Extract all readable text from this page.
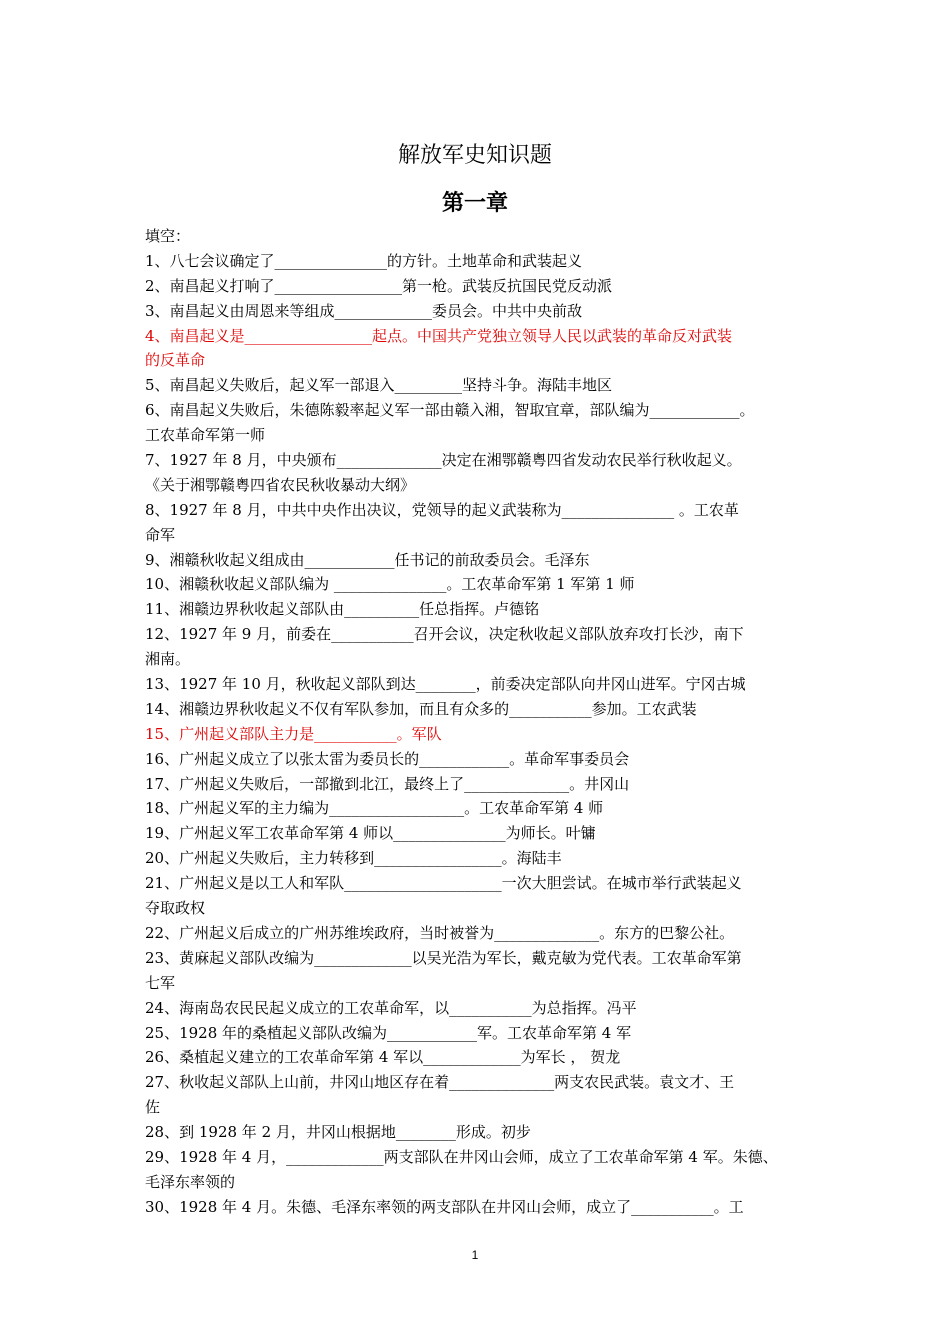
解放军史知识题
第一章
填空：
1、八七会议确定了_______________的方针。土地革命和武装起义
2、南昌起义打响了_________________第一枪。武装反抗国民党反动派
3、南昌起义由周恩来等组成_____________委员会。中共中央前敌
4、南昌起义是_________________起点。中国共产党独立领导人民以武装的革命反对武装
的反革命
5、南昌起义失败后，起义军一部退入_________坚持斗争。海陆丰地区
6、南昌起义失败后，朱德陈毅率起义军一部由赣入湘，智取宜章，部队编为____________。
工农革命军第一师
7、1927 年 8 月，中央颁布______________决定在湘鄂赣粤四省发动农民举行秋收起义。
《关于湘鄂赣粤四省农民秋收暴动大纲》
8、1927 年 8 月，中共中央作出决议，党领导的起义武装称为_______________ 。工农革
命军
9、湘赣秋收起义组成由____________任书记的前敌委员会。毛泽东
10、湘赣秋收起义部队编为 _______________。工农革命军第 1 军第 1 师
11、湘赣边界秋收起义部队由__________任总指挥。卢德铭
12、1927 年 9 月，前委在___________召开会议，决定秋收起义部队放弃攻打长沙，南下
湘南。
13、1927 年 10 月，秋收起义部队到达________，前委决定部队向井冈山进军。宁冈古城
14、湘赣边界秋收起义不仅有军队参加，而且有众多的___________参加。工农武装
15、广州起义部队主力是___________。军队
16、广州起义成立了以张太雷为委员长的____________。革命军事委员会
17、广州起义失败后，一部撤到北江，最终上了______________。井冈山
18、广州起义军的主力编为__________________。工农革命军第 4 师
19、广州起义军工农革命军第 4 师以_______________为师长。叶镛
20、广州起义失败后，主力转移到_________________。海陆丰
21、广州起义是以工人和军队_____________________一次大胆尝试。在城市举行武装起义
夺取政权
22、广州起义后成立的广州苏维埃政府，当时被誉为______________。东方的巴黎公社。
23、黄麻起义部队改编为_____________以吴光浩为军长，戴克敏为党代表。工农革命军第
七军
24、海南岛农民民起义成立的工农革命军，以___________为总指挥。冯平
25、1928 年的桑植起义部队改编为____________军。工农革命军第 4 军
26、桑植起义建立的工农革命军第 4 军以_____________为军长 ， 贺龙
27、秋收起义部队上山前，井冈山地区存在着______________两支农民武装。袁文才、王
佐
28、到 1928 年 2 月，井冈山根据地________形成。初步
29、1928 年 4 月，_____________两支部队在井冈山会师，成立了工农革命军第 4 军。朱德、
毛泽东率领的
30、1928 年 4 月。朱德、毛泽东率领的两支部队在井冈山会师，成立了___________。工
1
